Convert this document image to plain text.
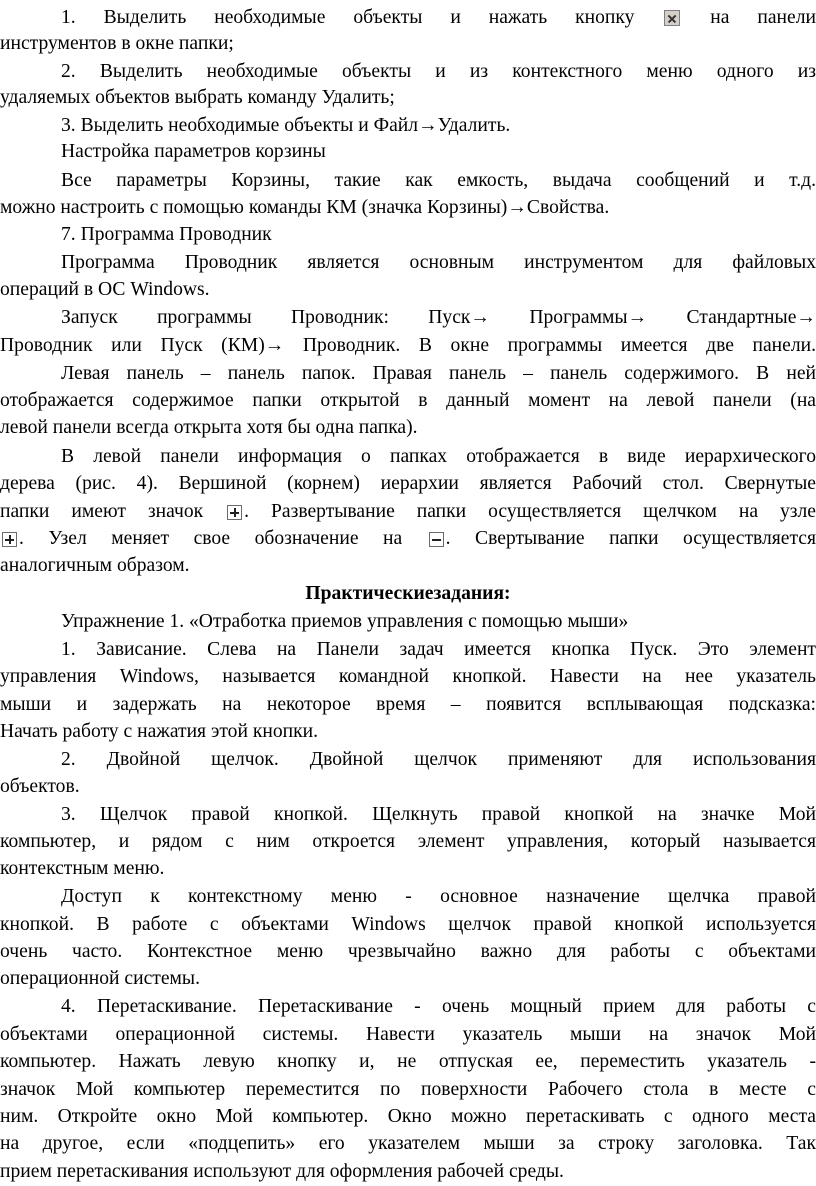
1. Выделить необходимые объекты и нажать кнопку  на панели
инструментов в окне папки;
2. Выделить необходимые объекты и из контекстного меню одного из
удаляемых объектов выбрать команду Удалить;
3. Выделить необходимые объекты и Файл→Удалить.
Настройка параметров корзины
Все параметры Корзины, такие как емкость, выдача сообщений и т.д.
можно настроить с помощью команды КМ (значка Корзины)→Свойства.
7. Программа Проводник
Программа Проводник является основным инструментом для файловых
операций в ОС Windows.
Запуск программы Проводник: Пуск→ Программы→ Стандартные→
Проводник или Пуск (КМ)→ Проводник. В окне программы имеется две панели.
Левая панель – панель папок. Правая панель – панель содержимого. В ней
отображается содержимое папки открытой в данный момент на левой панели (на
левой панели всегда открыта хотя бы одна папка).
В левой панели информация о папках отображается в виде иерархического
дерева (рис. 4). Вершиной (корнем) иерархии является Рабочий стол. Свернутые
папки имеют значок . Развертывание папки осуществляется щелчком на узле
. Узел меняет свое обозначение на . Свертывание папки осуществляется
аналогичным образом.
Практическиезадания:
Упражнение 1. «Отработка приемов управления с помощью мыши»
1. Зависание. Слева на Панели задач имеется кнопка Пуск. Это элемент
управления Windows, называется командной кнопкой. Навести на нее указатель
мыши и задержать на некоторое время – появится всплывающая подсказка:
Начать работу с нажатия этой кнопки.
2. Двойной щелчок. Двойной щелчок применяют для использования
объектов.
3. Щелчок правой кнопкой. Щелкнуть правой кнопкой на значке Мой
компьютер, и рядом с ним откроется элемент управления, который называется
контекстным меню.
Доступ к контекстному меню - основное назначение щелчка правой
кнопкой. В работе с объектами Windows щелчок правой кнопкой используется
очень часто. Контекстное меню чрезвычайно важно для работы с объектами
операционной системы.
4. Перетаскивание. Перетаскивание - очень мощный прием для работы с
объектами операционной системы. Навести указатель мыши на значок Мой
компьютер. Нажать левую кнопку и, не отпуская ее, переместить указатель -
значок Мой компьютер переместится по поверхности Рабочего стола в месте с
ним. Откройте окно Мой компьютер. Окно можно перетаскивать с одного места
на другое, если «подцепить» его указателем мыши за строку заголовка. Так
прием перетаскивания используют для оформления рабочей среды.
